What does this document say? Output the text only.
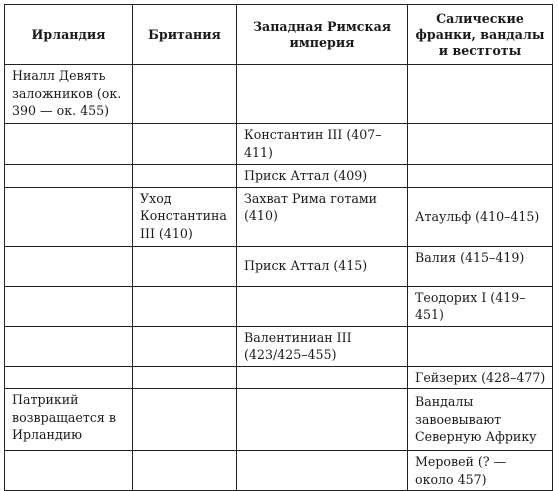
Ирландия	Британия	Западная Римская империя	Салические франки, вандалы и вестготы
Ниалл Девять заложников (ок. 390 — ок. 455)			
		Константин III (407–411)	
		Приск Аттал (409)	
	Уход Константина III (410)	Захват Рима готами (410)	Атаульф (410–415)
		Приск Аттал (415)	Валия (415–419)
			Теодорих I (419–451)
		Валентиниан III (423/425–455)	
			Гейзерих (428–477)
Патрикий возвращается в Ирландию			Вандалы завоевывают Северную Африку
			Меровей (? — около 457)
